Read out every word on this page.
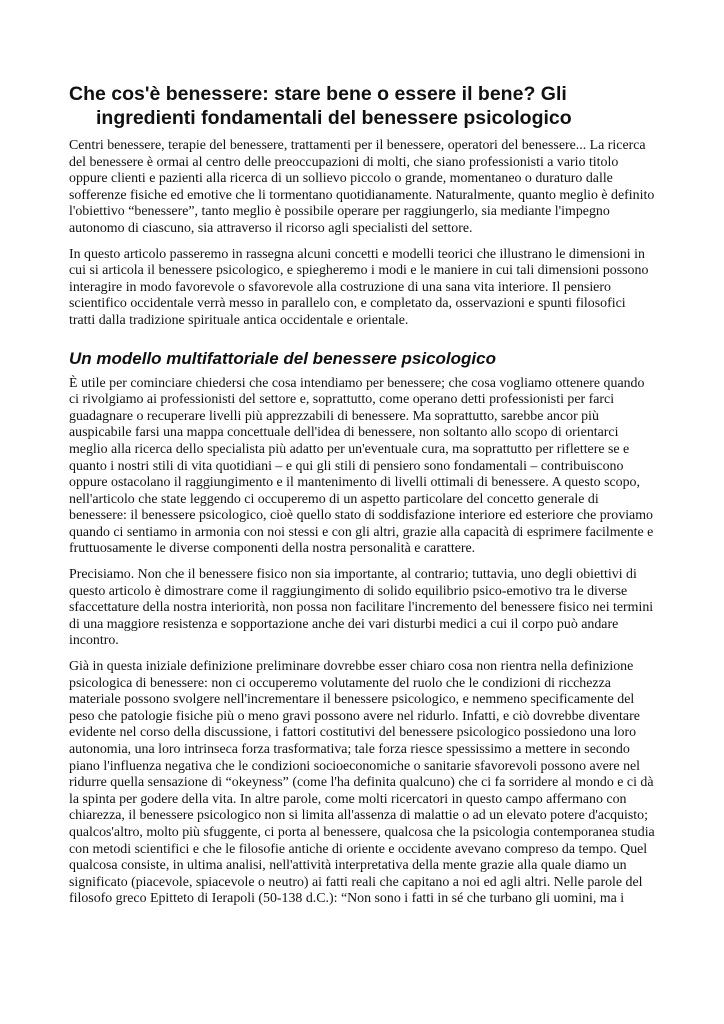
Che cos'è benessere: stare bene o essere il bene? Gli ingredienti fondamentali del benessere psicologico

Centri benessere, terapie del benessere, trattamenti per il benessere, operatori del benessere... La ricerca del benessere è ormai al centro delle preoccupazioni di molti, che siano professionisti a vario titolo oppure clienti e pazienti alla ricerca di un sollievo piccolo o grande, momentaneo o duraturo dalle sofferenze fisiche ed emotive che li tormentano quotidianamente. Naturalmente, quanto meglio è definito l'obiettivo “benessere”, tanto meglio è possibile operare per raggiungerlo, sia mediante l'impegno autonomo di ciascuno, sia attraverso il ricorso agli specialisti del settore.

In questo articolo passeremo in rassegna alcuni concetti e modelli teorici che illustrano le dimensioni in cui si articola il benessere psicologico, e spiegheremo i modi e le maniere in cui tali dimensioni possono interagire in modo favorevole o sfavorevole alla costruzione di una sana vita interiore. Il pensiero scientifico occidentale verrà messo in parallelo con, e completato da, osservazioni e spunti filosofici tratti dalla tradizione spirituale antica occidentale e orientale.

Un modello multifattoriale del benessere psicologico

È utile per cominciare chiedersi che cosa intendiamo per benessere; che cosa vogliamo ottenere quando ci rivolgiamo ai professionisti del settore e, soprattutto, come operano detti professionisti per farci guadagnare o recuperare livelli più apprezzabili di benessere. Ma soprattutto, sarebbe ancor più auspicabile farsi una mappa concettuale dell'idea di benessere, non soltanto allo scopo di orientarci meglio alla ricerca dello specialista più adatto per un'eventuale cura, ma soprattutto per riflettere se e quanto i nostri stili di vita quotidiani – e qui gli stili di pensiero sono fondamentali – contribuiscono oppure ostacolano il raggiungimento e il mantenimento di livelli ottimali di benessere. A questo scopo, nell'articolo che state leggendo ci occuperemo di un aspetto particolare del concetto generale di benessere: il benessere psicologico, cioè quello stato di soddisfazione interiore ed esteriore che proviamo quando ci sentiamo in armonia con noi stessi e con gli altri, grazie alla capacità di esprimere facilmente e fruttuosamente le diverse componenti della nostra personalità e carattere.

Precisiamo. Non che il benessere fisico non sia importante, al contrario; tuttavia, uno degli obiettivi di questo articolo è dimostrare come il raggiungimento di solido equilibrio psico-emotivo tra le diverse sfaccettature della nostra interiorità, non possa non facilitare l'incremento del benessere fisico nei termini di una maggiore resistenza e sopportazione anche dei vari disturbi medici a cui il corpo può andare incontro.

Già in questa iniziale definizione preliminare dovrebbe esser chiaro cosa non rientra nella definizione psicologica di benessere: non ci occuperemo volutamente del ruolo che le condizioni di ricchezza materiale possono svolgere nell'incrementare il benessere psicologico, e nemmeno specificamente del peso che patologie fisiche più o meno gravi possono avere nel ridurlo. Infatti, e ciò dovrebbe diventare evidente nel corso della discussione, i fattori costitutivi del benessere psicologico possiedono una loro autonomia, una loro intrinseca forza trasformativa; tale forza riesce spessissimo a mettere in secondo piano l'influenza negativa che le condizioni socioeconomiche o sanitarie sfavorevoli possono avere nel ridurre quella sensazione di “okeyness” (come l'ha definita qualcuno) che ci fa sorridere al mondo e ci dà la spinta per godere della vita. In altre parole, come molti ricercatori in questo campo affermano con chiarezza, il benessere psicologico non si limita all'assenza di malattie o ad un elevato potere d'acquisto; qualcos'altro, molto più sfuggente, ci porta al benessere, qualcosa che la psicologia contemporanea studia con metodi scientifici e che le filosofie antiche di oriente e occidente avevano compreso da tempo. Quel qualcosa consiste, in ultima analisi, nell'attività interpretativa della mente grazie alla quale diamo un significato (piacevole, spiacevole o neutro) ai fatti reali che capitano a noi ed agli altri. Nelle parole del filosofo greco Epitteto di Ierapoli (50-138 d.C.): “Non sono i fatti in sé che turbano gli uomini, ma i
